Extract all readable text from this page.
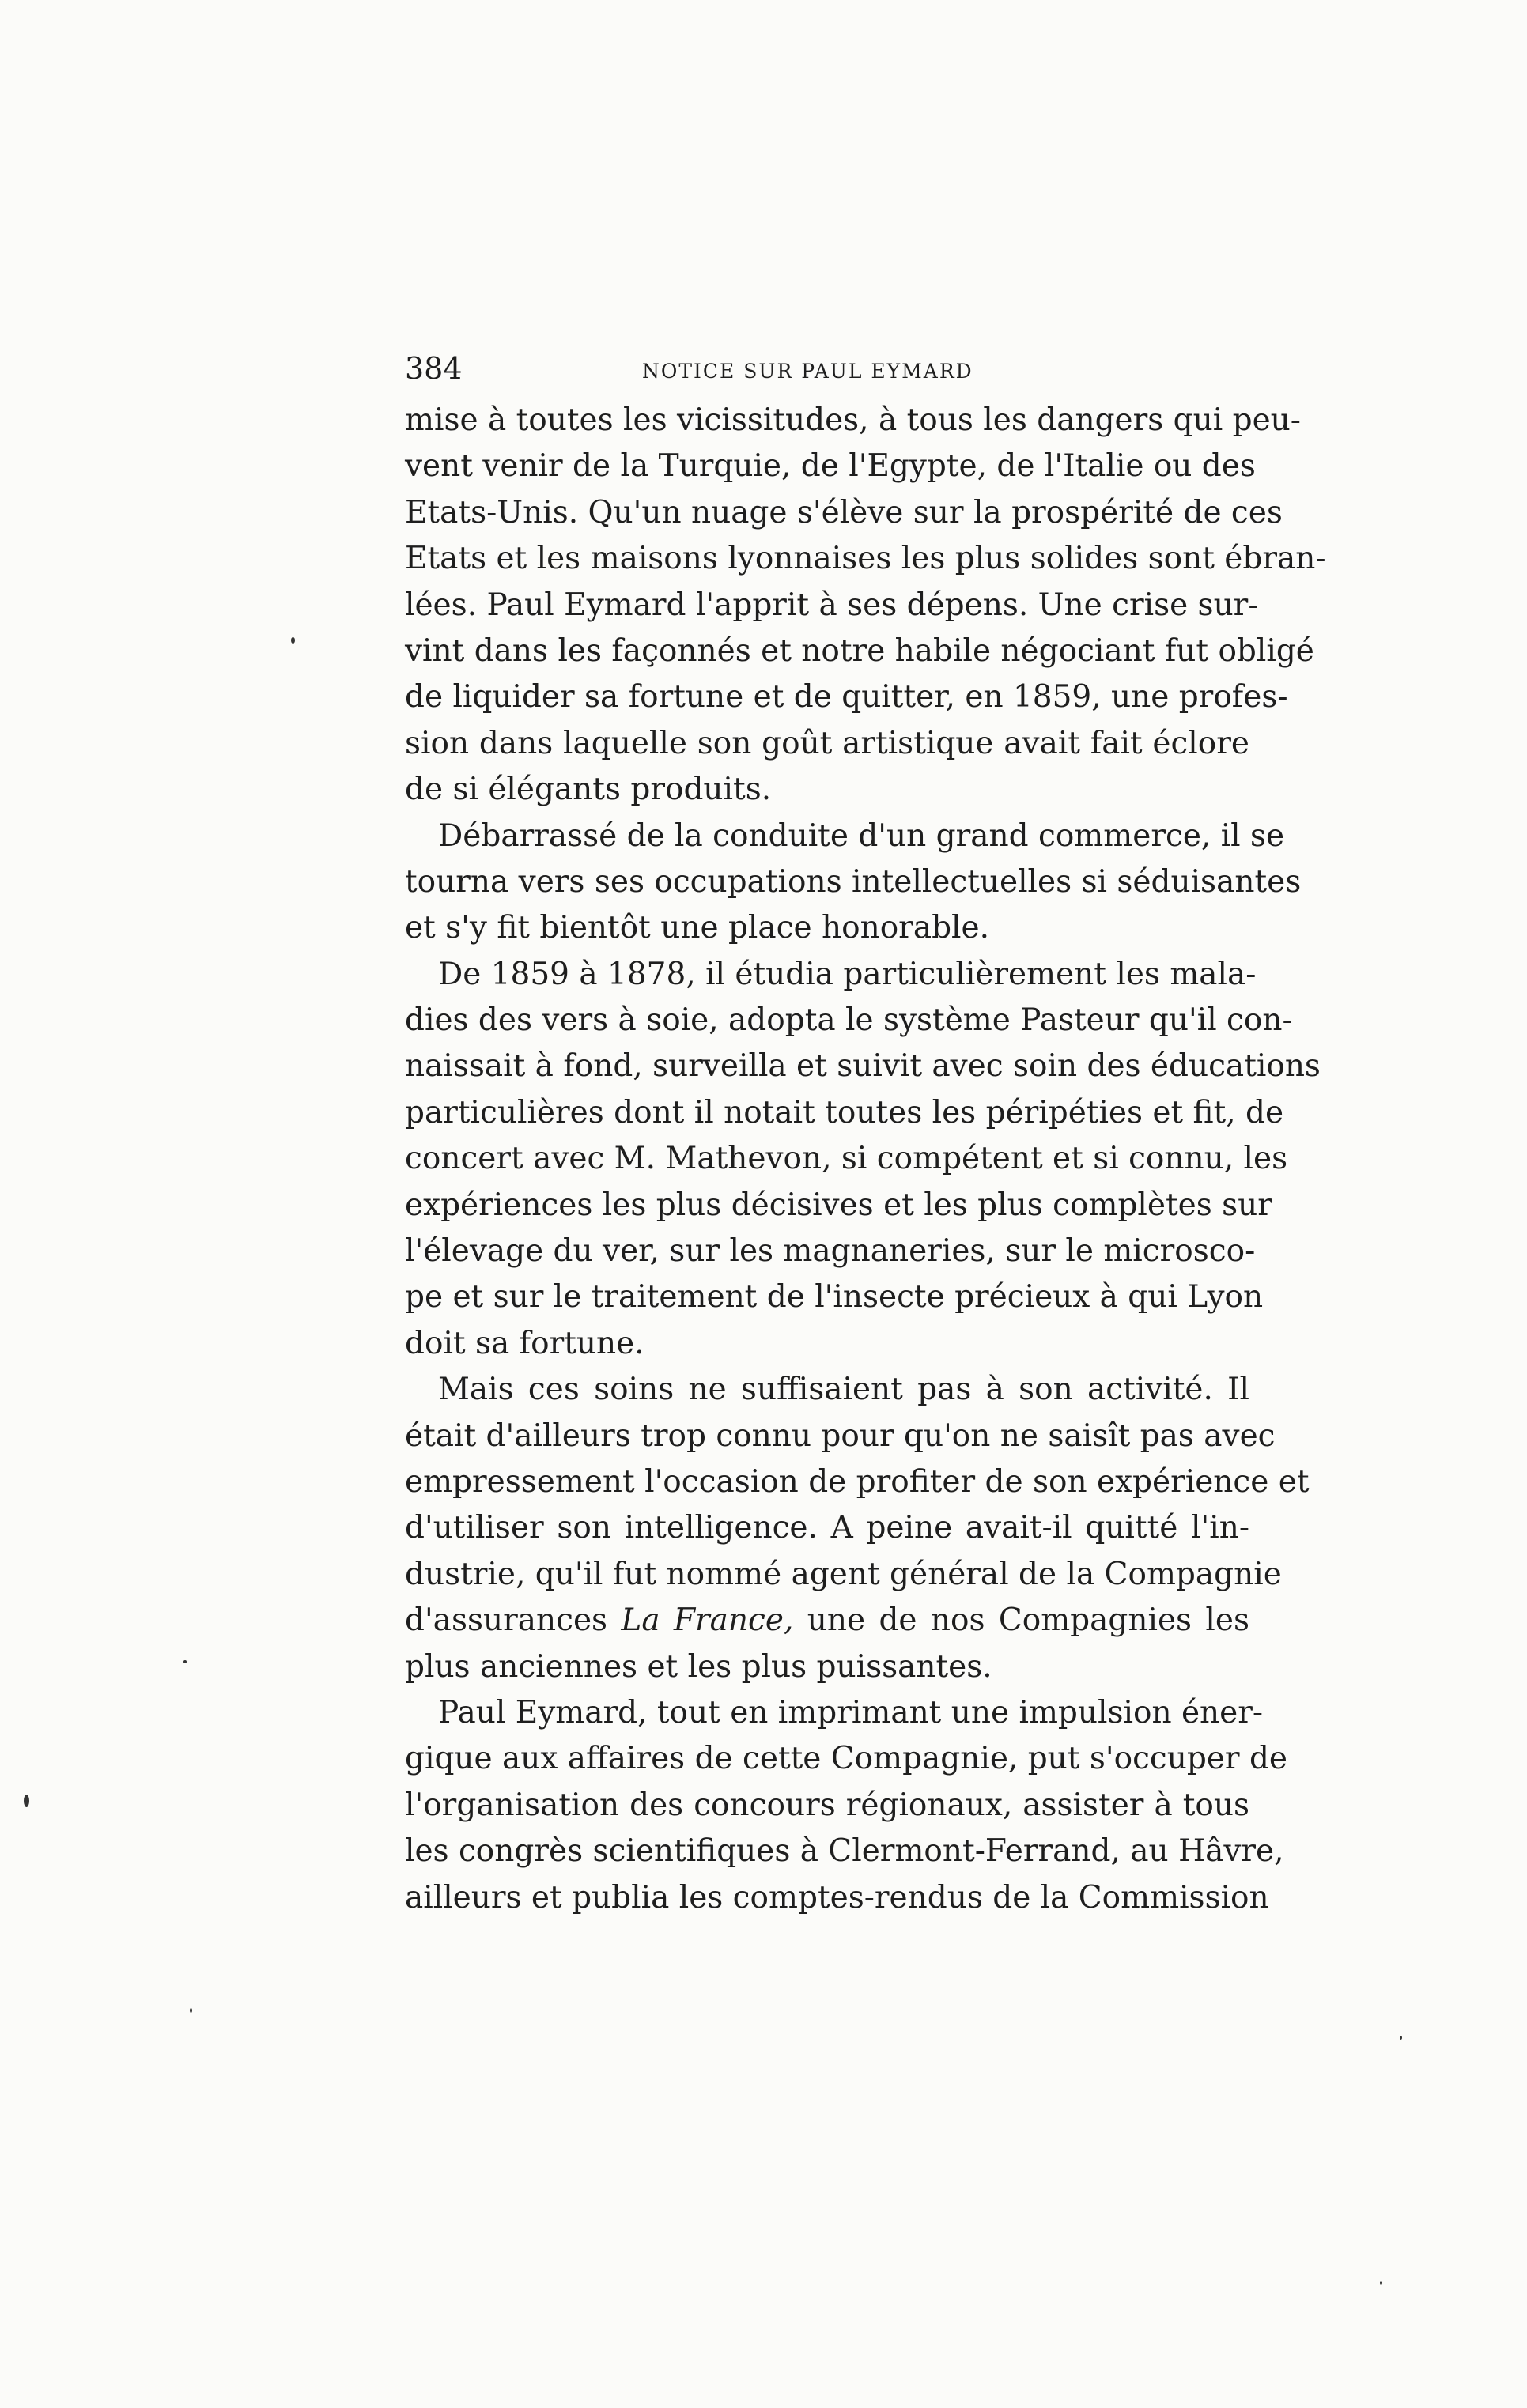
384	NOTICE SUR PAUL EYMARD
mise à toutes les vicissitudes, à tous les dangers qui peu-
vent venir de la Turquie, de l'Egypte, de l'Italie ou des
Etats-Unis. Qu'un nuage s'élève sur la prospérité de ces
Etats et les maisons lyonnaises les plus solides sont ébran-
lées. Paul Eymard l'apprit à ses dépens. Une crise sur-
vint dans les façonnés et notre habile négociant fut obligé
de liquider sa fortune et de quitter, en 1859, une profes-
sion dans laquelle son goût artistique avait fait éclore
de si élégants produits.
Débarrassé de la conduite d'un grand commerce, il se
tourna vers ses occupations intellectuelles si séduisantes
et s'y fit bientôt une place honorable.
De 1859 à 1878, il étudia particulièrement les mala-
dies des vers à soie, adopta le système Pasteur qu'il con-
naissait à fond, surveilla et suivit avec soin des éducations
particulières dont il notait toutes les péripéties et fit, de
concert avec M. Mathevon, si compétent et si connu, les
expériences les plus décisives et les plus complètes sur
l'élevage du ver, sur les magnaneries, sur le microsco-
pe et sur le traitement de l'insecte précieux à qui Lyon
doit sa fortune.
Mais ces soins ne suffisaient pas à son activité. Il
était d'ailleurs trop connu pour qu'on ne saisît pas avec
empressement l'occasion de profiter de son expérience et
d'utiliser son intelligence. A peine avait-il quitté l'in-
dustrie, qu'il fut nommé agent général de la Compagnie
d'assurances La France, une de nos Compagnies les
plus anciennes et les plus puissantes.
Paul Eymard, tout en imprimant une impulsion éner-
gique aux affaires de cette Compagnie, put s'occuper de
l'organisation des concours régionaux, assister à tous
les congrès scientifiques à Clermont-Ferrand, au Hâvre,
ailleurs et publia les comptes-rendus de la Commission
